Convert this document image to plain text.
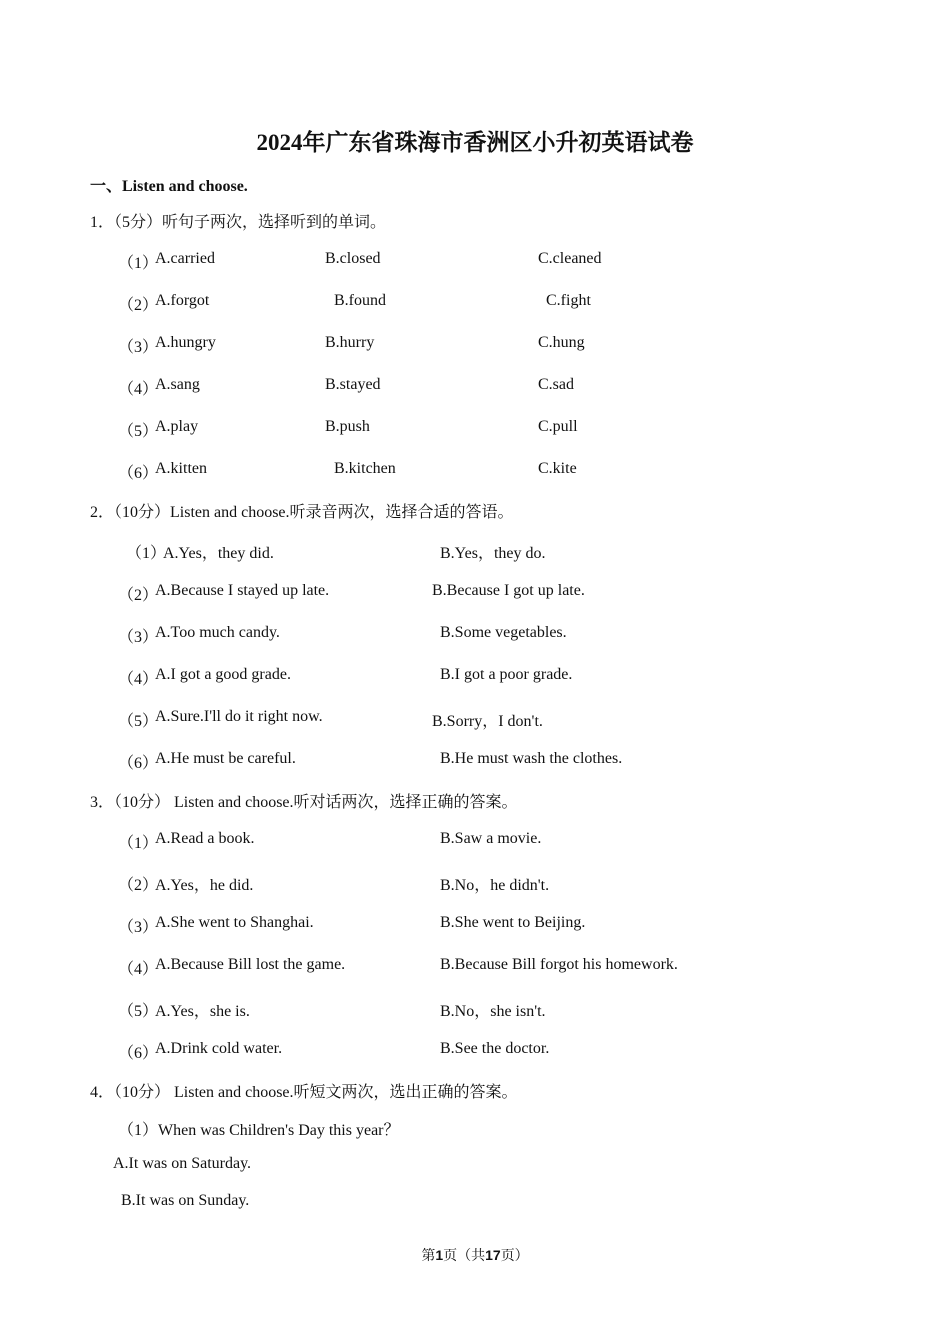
2024年广东省珠海市香洲区小升初英语试卷
一、Listen and choose.
1．（5分）听句子两次，选择听到的单词。
（1）
A.carried	B.closed	C.cleaned
（2）
A.forgot	B.found	C.fight
（3）
A.hungry	B.hurry	C.hung
（4）
A.sang	B.stayed	C.sad
（5）
A.play	B.push	C.pull
（6）
A.kitten	B.kitchen	C.kite
2．（10分）Listen and choose.听录音两次，选择合适的答语。
（1）
A.Yes，they did.	B.Yes，they do.
（2）
A.Because I stayed up late.	B.Because I got up late.
（3）
A.Too much candy.	B.Some vegetables.
（4）
A.I got a good grade.	B.I got a poor grade.
（5）
A.Sure.I'll do it right now.	B.Sorry，I don't.
（6）
A.He must be careful.	B.He must wash the clothes.
3．（10分） Listen and choose.听对话两次，选择正确的答案。
（1）
A.Read a book.	B.Saw a movie.
（2）
A.Yes，he did.	B.No，he didn't.
（3）
A.She went to Shanghai.	B.She went to Beijing.
（4）
A.Because Bill lost the game.	B.Because Bill forgot his homework.
（5）
A.Yes，she is.	B.No，she isn't.
（6）
A.Drink cold water.	B.See the doctor.
4．（10分） Listen and choose.听短文两次，选出正确的答案。
（1）When was Children's Day this year？
A.It was on Saturday.
B.It was on Sunday.
第1页（共17页）
